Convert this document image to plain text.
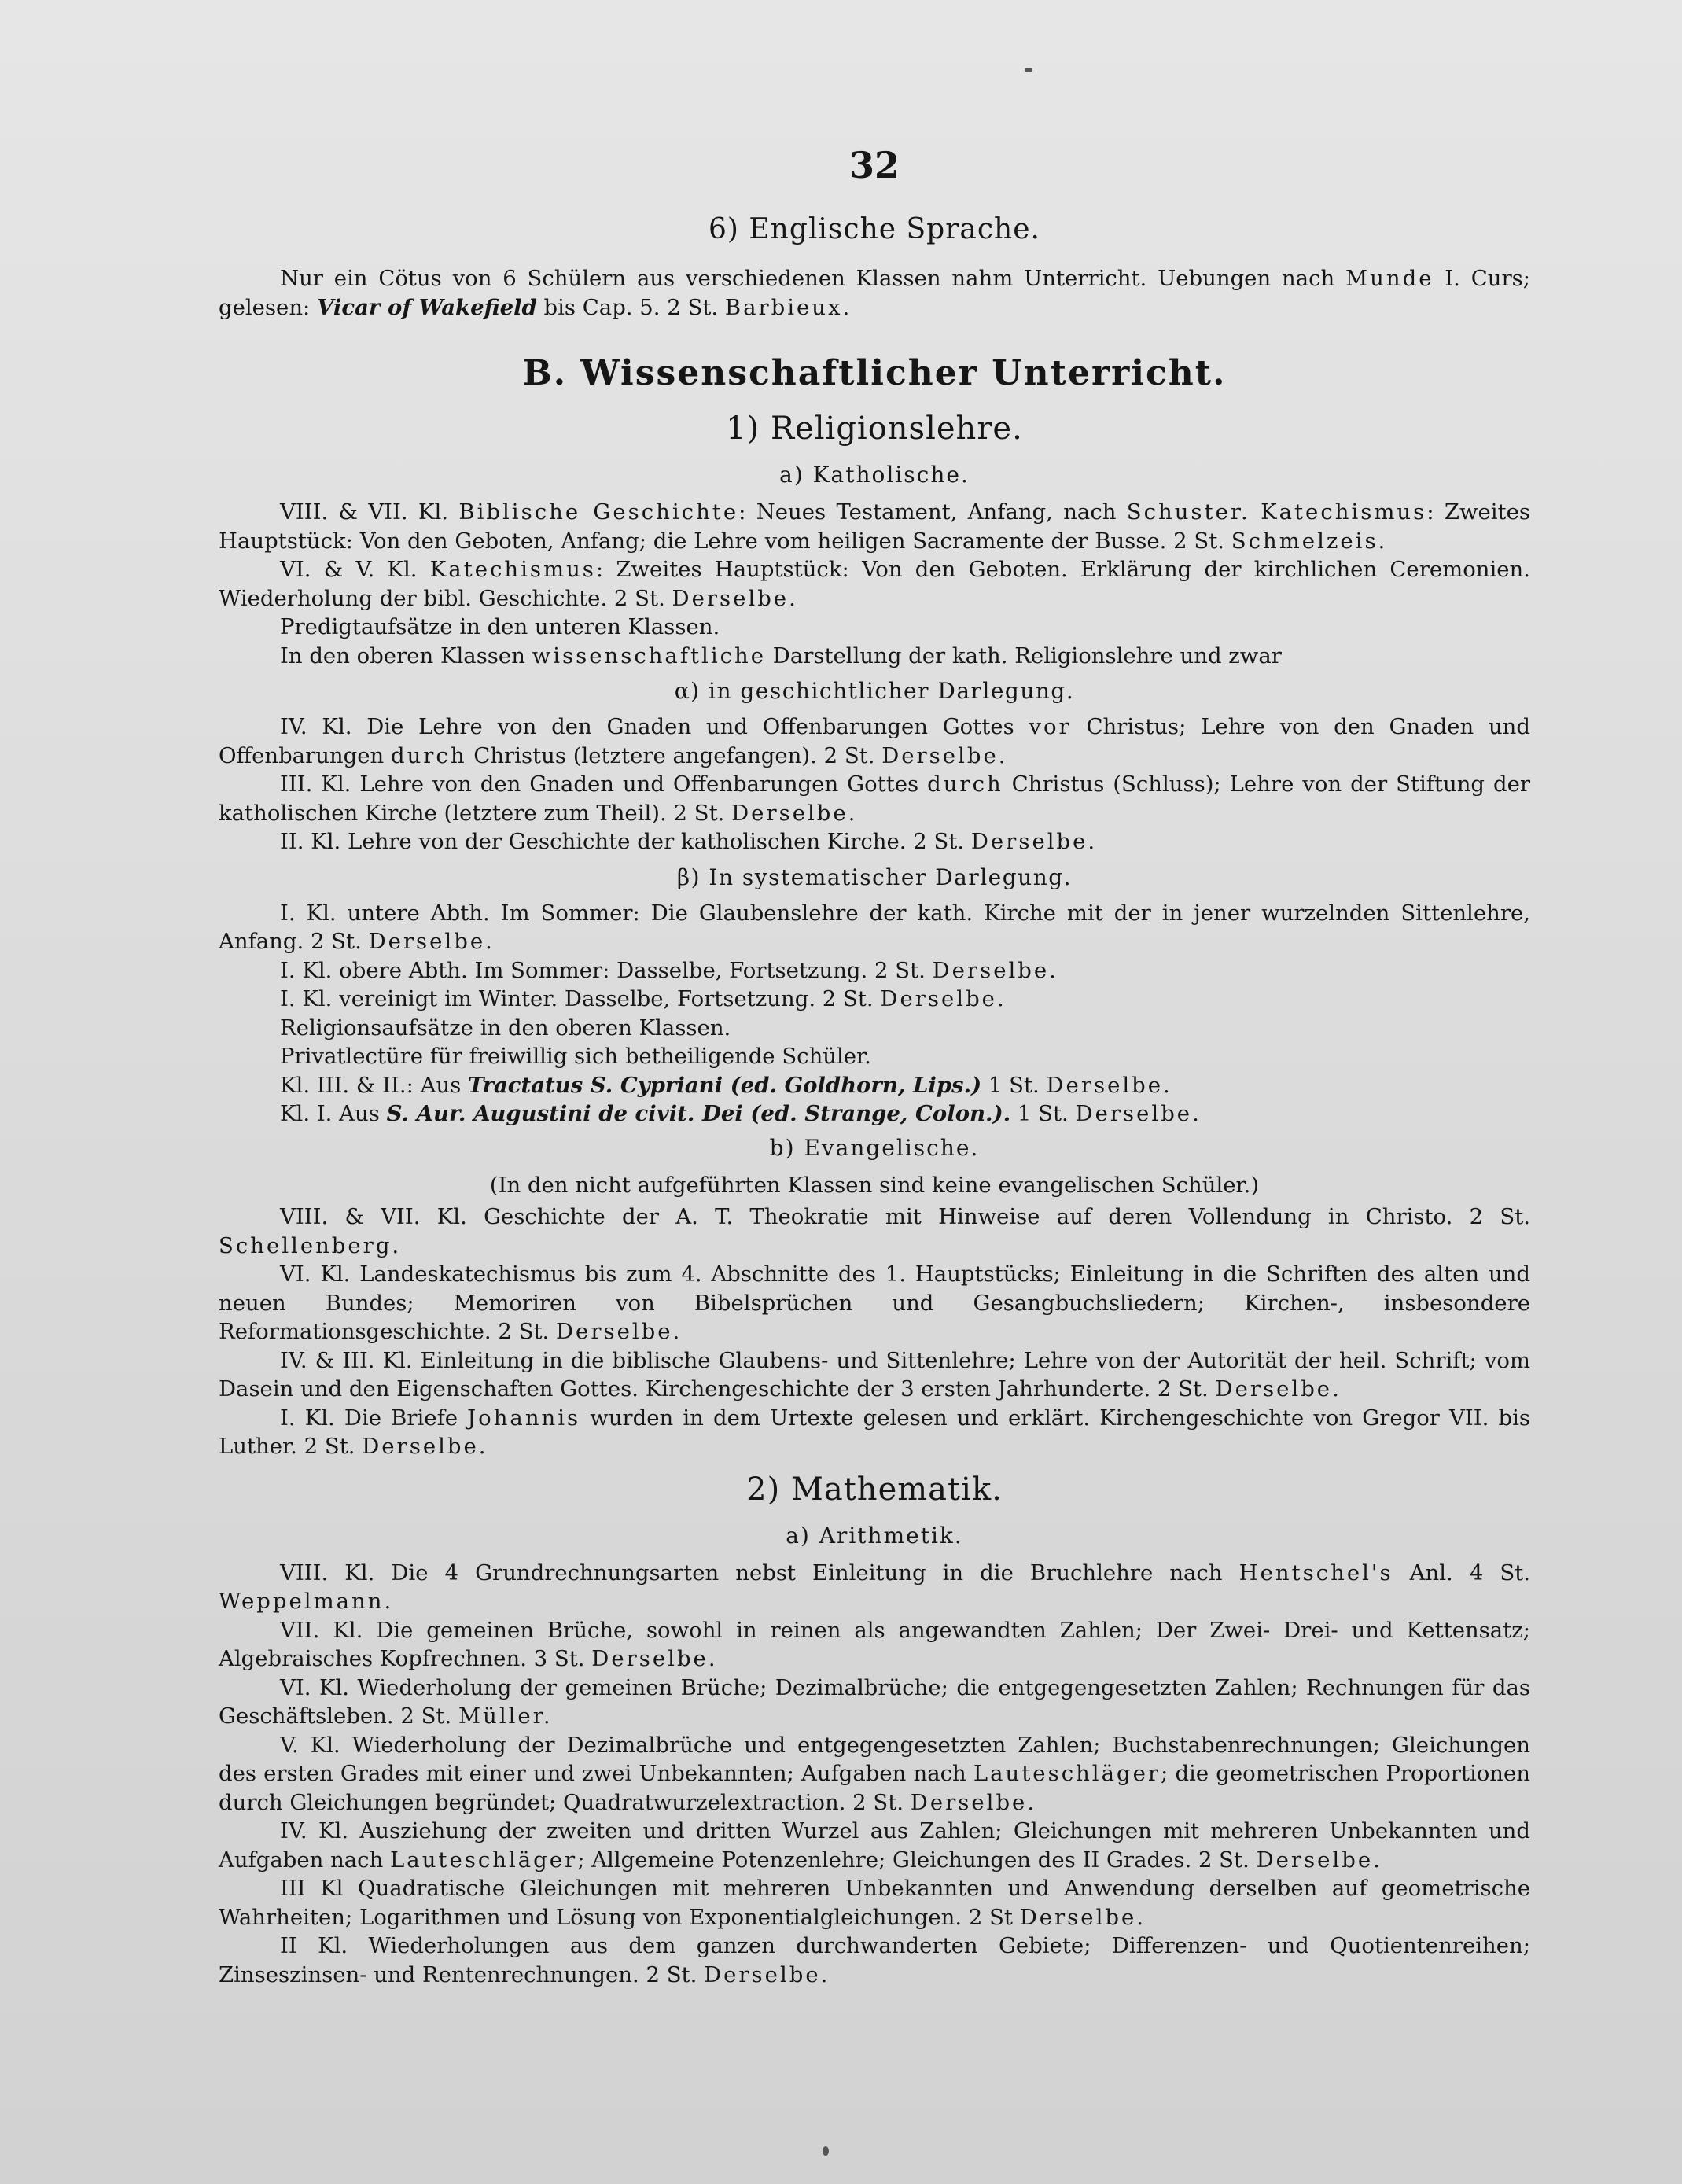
32
6) Englische Sprache.

Nur ein Cötus von 6 Schülern aus verschiedenen Klassen nahm Unterricht. Uebungen nach Munde I. Curs; gelesen: Vicar of Wakefield bis Cap. 5. 2 St. Barbieux.

B. Wissenschaftlicher Unterricht.
1) Religionslehre.
a) Katholische.

VIII. & VII. Kl. Biblische Geschichte: Neues Testament, Anfang, nach Schuster. Katechismus: Zweites Hauptstück: Von den Geboten, Anfang; die Lehre vom heiligen Sacramente der Busse. 2 St. Schmelzeis.

VI. & V. Kl. Katechismus: Zweites Hauptstück: Von den Geboten. Erklärung der kirchlichen Ceremonien. Wiederholung der bibl. Geschichte. 2 St. Derselbe.

Predigtaufsätze in den unteren Klassen.

In den oberen Klassen wissenschaftliche Darstellung der kath. Religionslehre und zwar

α) in geschichtlicher Darlegung.

IV. Kl. Die Lehre von den Gnaden und Offenbarungen Gottes vor Christus; Lehre von den Gnaden und Offenbarungen durch Christus (letztere angefangen). 2 St. Derselbe.

III. Kl. Lehre von den Gnaden und Offenbarungen Gottes durch Christus (Schluss); Lehre von der Stiftung der katholischen Kirche (letztere zum Theil). 2 St. Derselbe.

II. Kl. Lehre von der Geschichte der katholischen Kirche. 2 St. Derselbe.

β) In systematischer Darlegung.

I. Kl. untere Abth. Im Sommer: Die Glaubenslehre der kath. Kirche mit der in jener wurzelnden Sittenlehre, Anfang. 2 St. Derselbe.

I. Kl. obere Abth. Im Sommer: Dasselbe, Fortsetzung. 2 St. Derselbe.

I. Kl. vereinigt im Winter. Dasselbe, Fortsetzung. 2 St. Derselbe.

Religionsaufsätze in den oberen Klassen.

Privatlectüre für freiwillig sich betheiligende Schüler.

Kl. III. & II.: Aus Tractatus S. Cypriani (ed. Goldhorn, Lips.) 1 St. Derselbe.

Kl. I. Aus S. Aur. Augustini de civit. Dei (ed. Strange, Colon.). 1 St. Derselbe.

b) Evangelische.

(In den nicht aufgeführten Klassen sind keine evangelischen Schüler.)

VIII. & VII. Kl. Geschichte der A. T. Theokratie mit Hinweise auf deren Vollendung in Christo. 2 St. Schellenberg.

VI. Kl. Landeskatechismus bis zum 4. Abschnitte des 1. Hauptstücks; Einleitung in die Schriften des alten und neuen Bundes; Memoriren von Bibelsprüchen und Gesangbuchsliedern; Kirchen-, insbesondere Reformationsgeschichte. 2 St. Derselbe.

IV. & III. Kl. Einleitung in die biblische Glaubens- und Sittenlehre; Lehre von der Autorität der heil. Schrift; vom Dasein und den Eigenschaften Gottes. Kirchengeschichte der 3 ersten Jahrhunderte. 2 St. Derselbe.

I. Kl. Die Briefe Johannis wurden in dem Urtexte gelesen und erklärt. Kirchengeschichte von Gregor VII. bis Luther. 2 St. Derselbe.

2) Mathematik.
a) Arithmetik.

VIII. Kl. Die 4 Grundrechnungsarten nebst Einleitung in die Bruchlehre nach Hentschel's Anl. 4 St. Weppelmann.

VII. Kl. Die gemeinen Brüche, sowohl in reinen als angewandten Zahlen; Der Zwei- Drei- und Kettensatz; Algebraisches Kopfrechnen. 3 St. Derselbe.

VI. Kl. Wiederholung der gemeinen Brüche; Dezimalbrüche; die entgegengesetzten Zahlen; Rechnungen für das Geschäftsleben. 2 St. Müller.

V. Kl. Wiederholung der Dezimalbrüche und entgegengesetzten Zahlen; Buchstabenrechnungen; Gleichungen des ersten Grades mit einer und zwei Unbekannten; Aufgaben nach Lauteschläger; die geometrischen Proportionen durch Gleichungen begründet; Quadratwurzelextraction. 2 St. Derselbe.

IV. Kl. Ausziehung der zweiten und dritten Wurzel aus Zahlen; Gleichungen mit mehreren Unbekannten und Aufgaben nach Lauteschläger; Allgemeine Potenzenlehre; Gleichungen des II Grades. 2 St. Derselbe.

III Kl Quadratische Gleichungen mit mehreren Unbekannten und Anwendung derselben auf geometrische Wahrheiten; Logarithmen und Lösung von Exponentialgleichungen. 2 St Derselbe.

II Kl. Wiederholungen aus dem ganzen durchwanderten Gebiete; Differenzen- und Quotientenreihen; Zinseszinsen- und Rentenrechnungen. 2 St. Derselbe.
